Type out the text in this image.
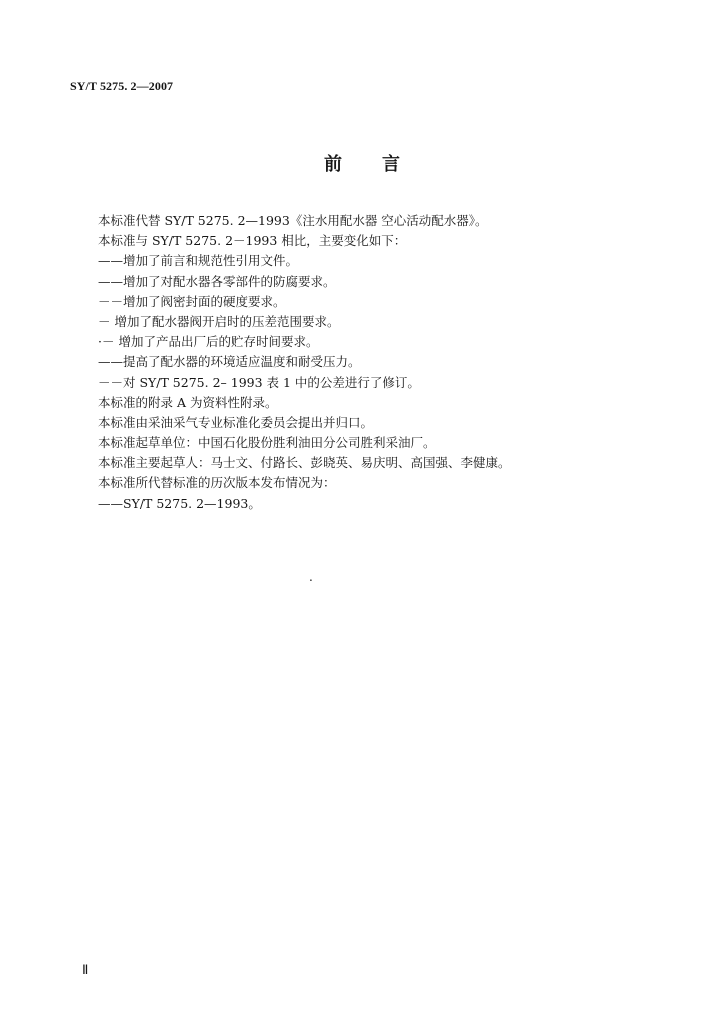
SY/T 5275. 2—2007
前 言
本标准代替 SY/T 5275. 2—1993《注水用配水器 空心活动配水器》。
本标准与 SY/T 5275. 2－1993 相比，主要变化如下：
——增加了前言和规范性引用文件。
——增加了对配水器各零部件的防腐要求。
－－增加了阀密封面的硬度要求。
－ 增加了配水器阀开启时的压差范围要求。
·－ 增加了产品出厂后的贮存时间要求。
——提高了配水器的环境适应温度和耐受压力。
－－对 SY/T 5275. 2– 1993 表 1 中的公差进行了修订。
本标准的附录 A 为资料性附录。
本标准由采油采气专业标准化委员会提出并归口。
本标准起草单位：中国石化股份胜利油田分公司胜利采油厂。
本标准主要起草人：马士文、付路长、彭晓英、易庆明、高国强、李健康。
本标准所代替标准的历次版本发布情况为：
——SY/T 5275. 2—1993。
.
Ⅱ
